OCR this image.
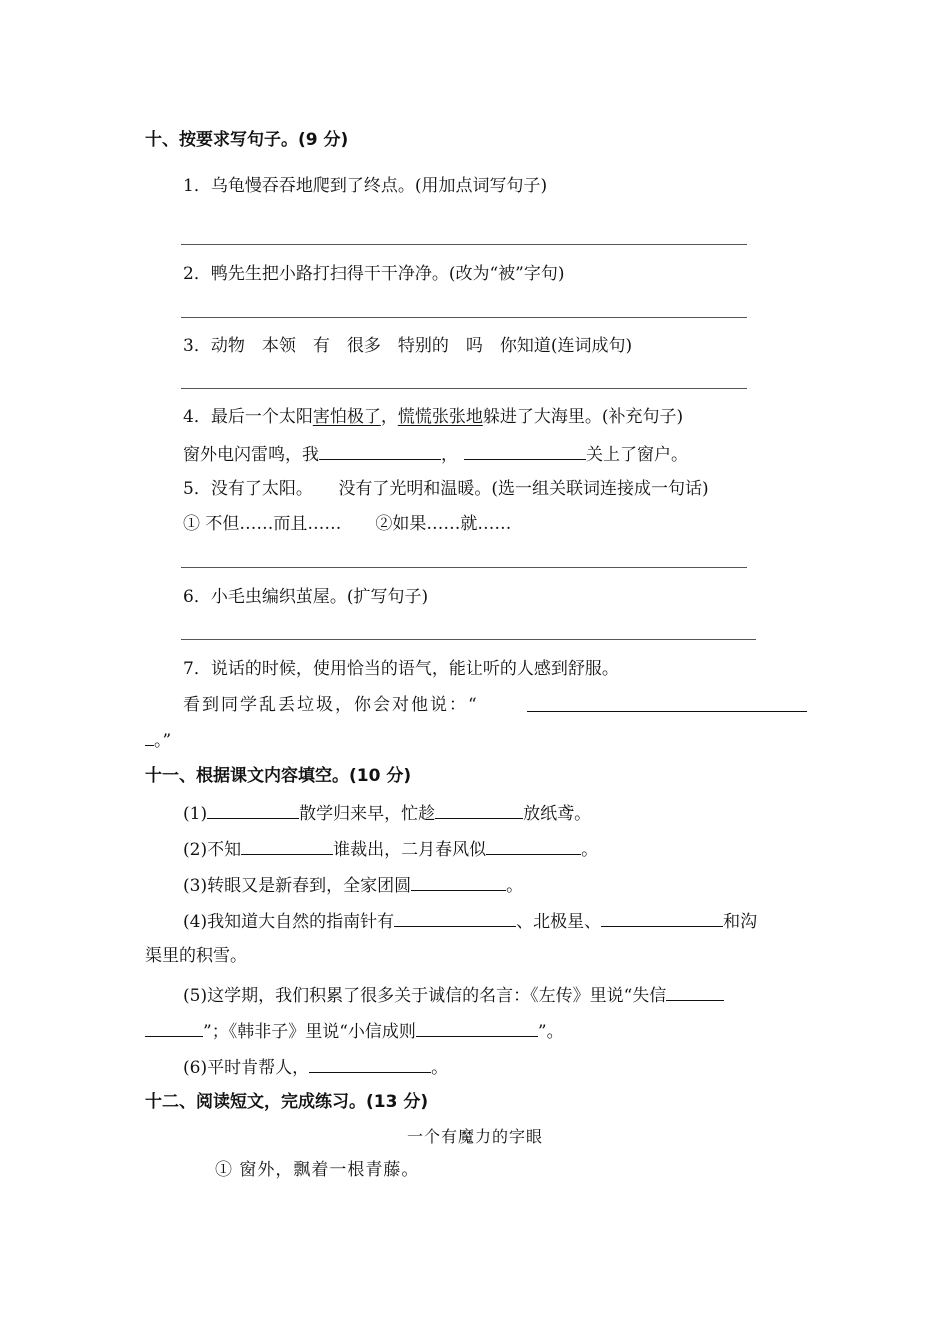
十、按要求写句子。(9 分)
1．乌龟慢吞吞地爬到了终点。(用加点词写句子)
2．鸭先生把小路打扫得干干净净。(改为“被”字句)
3．动物　本领　有　很多　特别的　吗　你知道(连词成句)
4．最后一个太阳害怕极了，慌慌张张地躲进了大海里。(补充句子)
窗外电闪雷鸣，我	，	关上了窗户。
5．没有了太阳。　　没有了光明和温暖。(选一组关联词连接成一句话)
① 不但……而且……　　②如果……就……
6．小毛虫编织茧屋。(扩写句子)
7．说话的时候，使用恰当的语气，能让听的人感到舒服。
看到同学乱丢垃圾，你会对他说：“
。”
十一、根据课文内容填空。(10 分)
(1)	散学归来早，忙趁	放纸鸢。
(2)不知	谁裁出，二月春风似	。
(3)转眼又是新春到，全家团圆	。
(4)我知道大自然的指南针有	、北极星、	和沟
渠里的积雪。
(5)这学期，我们积累了很多关于诚信的名言：《左传》里说“失信
”；《韩非子》里说“小信成则	”。
(6)平时肯帮人，	。
十二、阅读短文，完成练习。(13 分)
一个有魔力的字眼
① 窗外，飘着一根青藤。
